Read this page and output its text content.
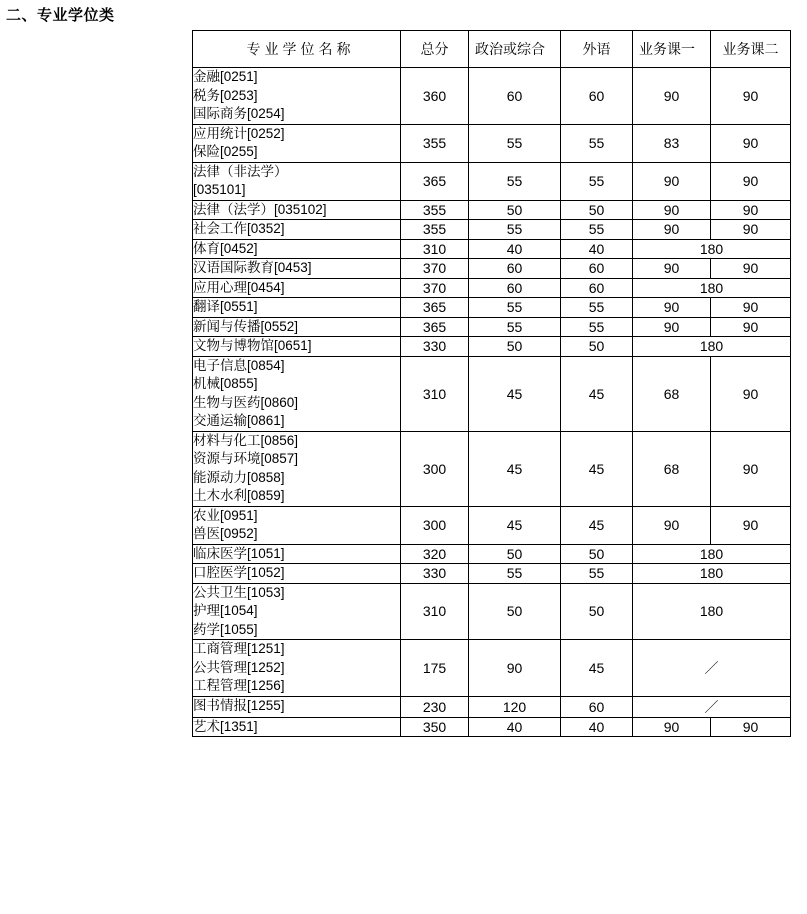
二、专业学位类
专业学位名称	总分	政治或综合	外语	业务课一	业务课二

金融[0251]
税务[0253]
国际商务[0254]	360	60	60	90	90

应用统计[0252]
保险[0255]	355	55	55	83	90

法律（非法学）
[035101]	365	55	55	90	90

法律（法学）[035102]	355	50	50	90	90

社会工作[0352]	355	55	55	90	90

体育[0452]	310	40	40	180	

汉语国际教育[0453]	370	60	60	90	90

应用心理[0454]	370	60	60	180	

翻译[0551]	365	55	55	90	90

新闻与传播[0552]	365	55	55	90	90

文物与博物馆[0651]	330	50	50	180	

电子信息[0854]
机械[0855]
生物与医药[0860]
交通运输[0861]	310	45	45	68	90

材料与化工[0856]
资源与环境[0857]
能源动力[0858]
土木水利[0859]	300	45	45	68	90

农业[0951]
兽医[0952]	300	45	45	90	90

临床医学[1051]	320	50	50	180	

口腔医学[1052]	330	55	55	180	

公共卫生[1053]
护理[1054]
药学[1055]	310	50	50	180	

工商管理[1251]
公共管理[1252]
工程管理[1256]	175	90	45	／	

图书情报[1255]	230	120	60	／	

艺术[1351]	350	40	40	90	90
